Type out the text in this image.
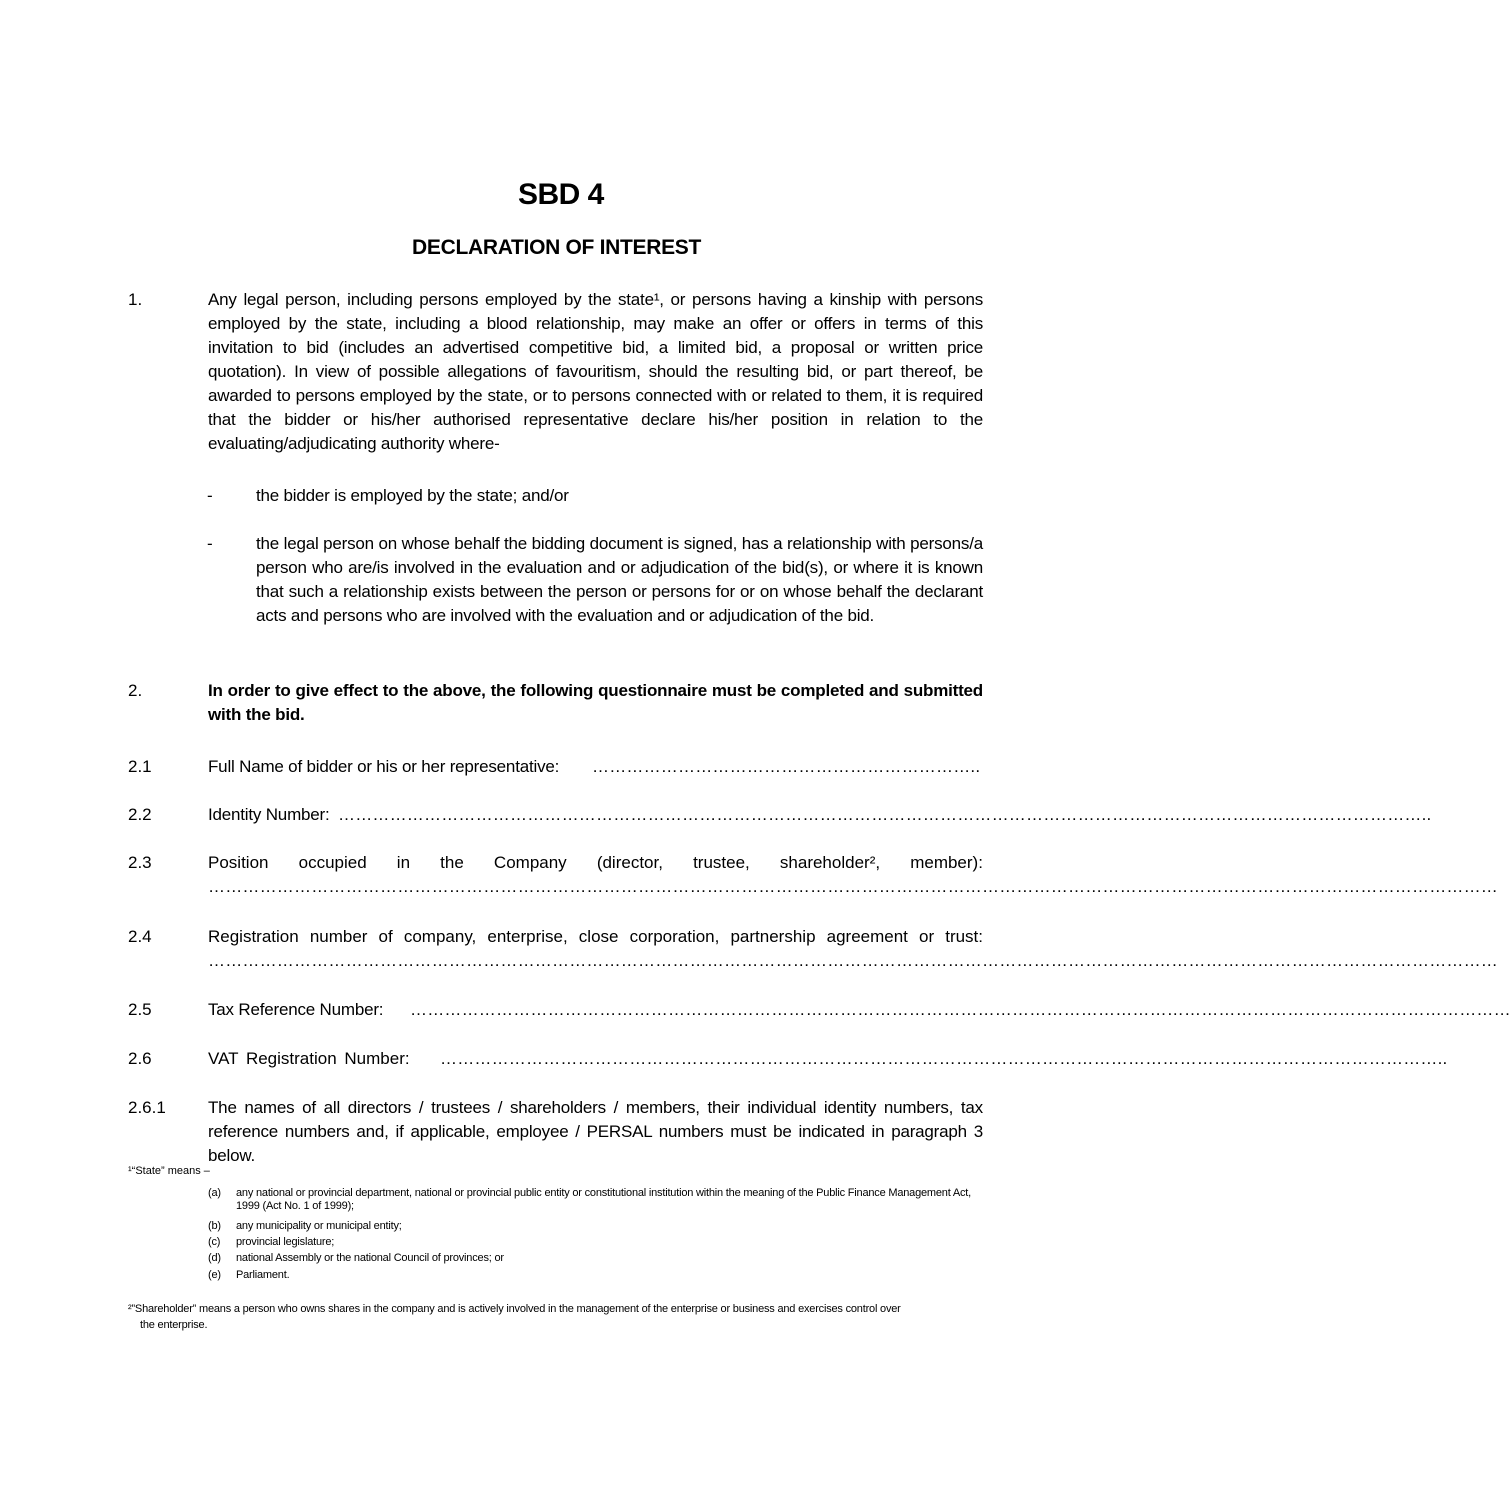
SBD 4
DECLARATION OF INTEREST
1.	Any legal person, including persons employed by the state¹, or persons having a kinship with persons employed by the state, including a blood relationship, may make an offer or offers in terms of this invitation to bid (includes an advertised competitive bid, a limited bid, a proposal or written price quotation). In view of possible allegations of favouritism, should the resulting bid, or part thereof, be awarded to persons employed by the state, or to persons connected with or related to them, it is required that the bidder or his/her authorised representative declare his/her position in relation to the evaluating/adjudicating authority where-
-	the bidder is employed by the state; and/or
-	the legal person on whose behalf the bidding document is signed, has a relationship with persons/a person who are/is involved in the evaluation and or adjudication of the bid(s), or where it is known that such a relationship exists between the person or persons for or on whose behalf the declarant acts and persons who are involved with the evaluation and or adjudication of the bid.
2.	In order to give effect to the above, the following questionnaire must be completed and submitted with the bid.
2.1	Full Name of bidder or his or her representative: …………………………………………………………..
2.2	Identity Number: ………………………………………………………………………………………………………………………………………………………………………..
2.3	Position occupied in the Company (director, trustee, shareholder², member):
………………………………………………………………………………………………………………………………………………………………………………………………………
2.4	Registration number of company, enterprise, close corporation, partnership agreement or trust:
………………………………………………………………………………………………………………………………………………………………………………………………………
2.5	Tax Reference Number: …………………………………………………………………………………………………………………………………………………………………………
2.6	VAT Registration Number: …………………………………………………………………………………………………………………………………………………………..
2.6.1 The names of all directors / trustees / shareholders / members, their individual identity numbers, tax reference numbers and, if applicable, employee / PERSAL numbers must be indicated in paragraph 3 below.
¹“State” means –
(a) any national or provincial department, national or provincial public entity or constitutional institution within the meaning of the Public Finance Management Act, 1999 (Act No. 1 of 1999);
(b) any municipality or municipal entity;
(c) provincial legislature;
(d) national Assembly or the national Council of provinces; or
(e) Parliament.
²”Shareholder” means a person who owns shares in the company and is actively involved in the management of the enterprise or business and exercises control over
the enterprise.
